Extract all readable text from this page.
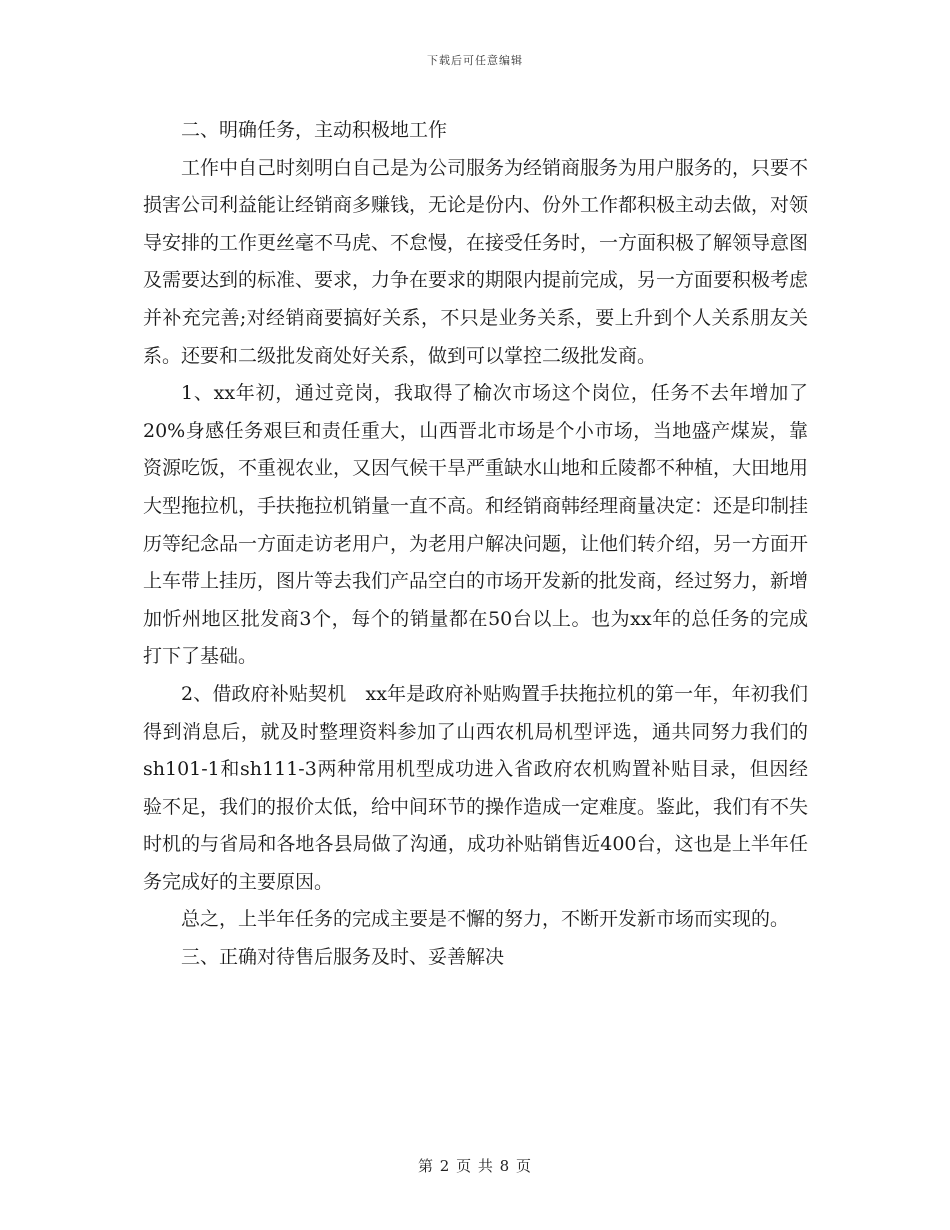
下载后可任意编辑

二、明确任务，主动积极地工作

工作中自己时刻明白自己是为公司服务为经销商服务为用户服务的，只要不损害公司利益能让经销商多赚钱，无论是份内、份外工作都积极主动去做，对领导安排的工作更丝毫不马虎、不怠慢，在接受任务时，一方面积极了解领导意图及需要达到的标准、要求，力争在要求的期限内提前完成，另一方面要积极考虑并补充完善;对经销商要搞好关系，不只是业务关系，要上升到个人关系朋友关系。还要和二级批发商处好关系，做到可以掌控二级批发商。

1、xx年初，通过竞岗，我取得了榆次市场这个岗位，任务不去年增加了20%身感任务艰巨和责任重大，山西晋北市场是个小市场，当地盛产煤炭，靠资源吃饭，不重视农业，又因气候干旱严重缺水山地和丘陵都不种植，大田地用大型拖拉机，手扶拖拉机销量一直不高。和经销商韩经理商量决定：还是印制挂历等纪念品一方面走访老用户，为老用户解决问题，让他们转介绍，另一方面开上车带上挂历，图片等去我们产品空白的市场开发新的批发商，经过努力，新增加忻州地区批发商3个，每个的销量都在50台以上。也为xx年的总任务的完成打下了基础。

2、借政府补贴契机　xx年是政府补贴购置手扶拖拉机的第一年，年初我们得到消息后，就及时整理资料参加了山西农机局机型评选，通共同努力我们的sh101-1和sh111-3两种常用机型成功进入省政府农机购置补贴目录，但因经验不足，我们的报价太低，给中间环节的操作造成一定难度。鉴此，我们有不失时机的与省局和各地各县局做了沟通，成功补贴销售近400台，这也是上半年任务完成好的主要原因。

总之，上半年任务的完成主要是不懈的努力，不断开发新市场而实现的。

三、正确对待售后服务及时、妥善解决

第 2 页 共 8 页
